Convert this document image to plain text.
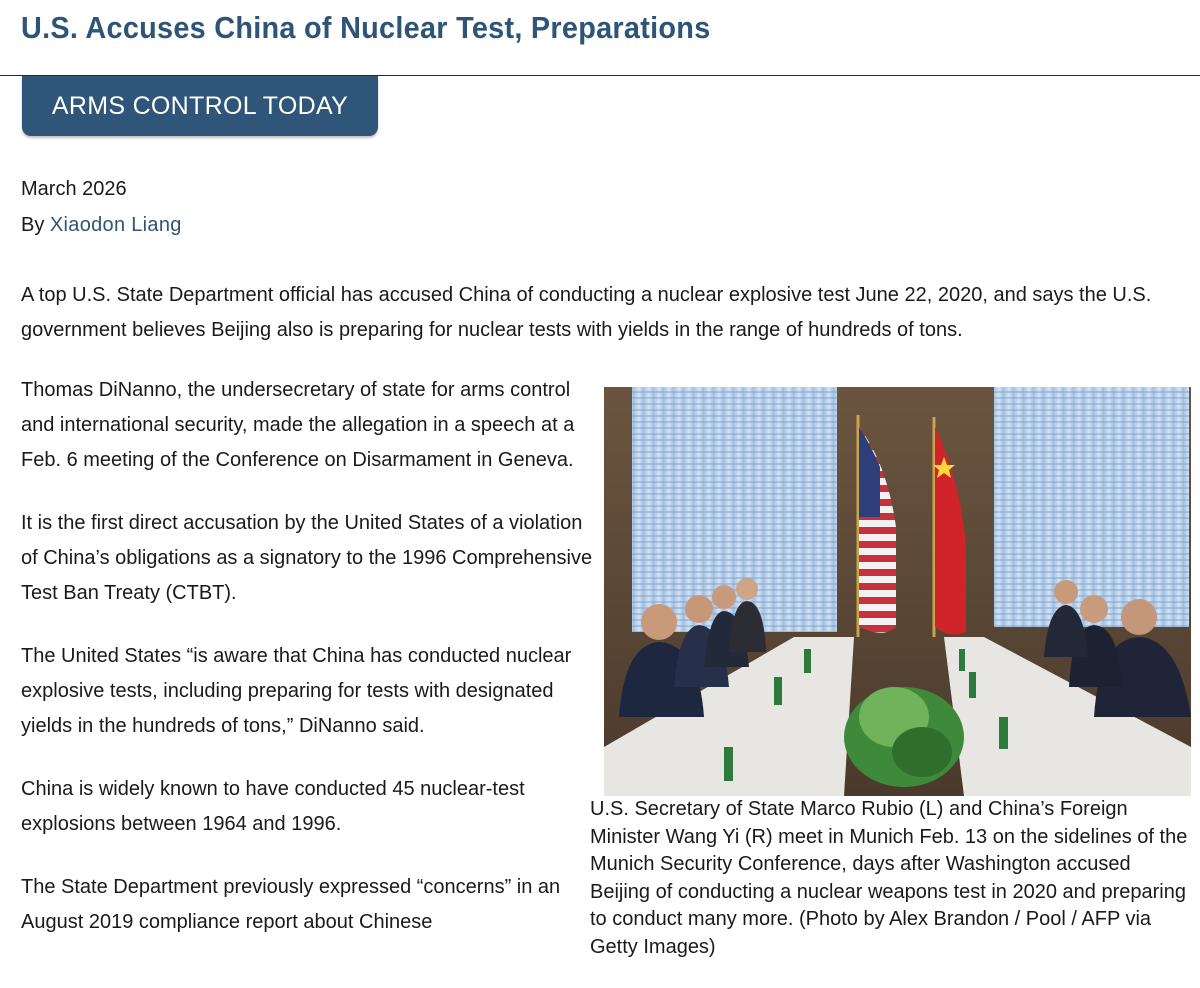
U.S. Accuses China of Nuclear Test, Preparations
ARMS CONTROL TODAY
March 2026
By Xiaodon Liang

A top U.S. State Department official has accused China of conducting a nuclear explosive test June 22, 2020, and says the U.S. government believes Beijing also is preparing for nuclear tests with yields in the range of hundreds of tons.

Thomas DiNanno, the undersecretary of state for arms control and international security, made the allegation in a speech at a Feb. 6 meeting of the Conference on Disarmament in Geneva.

It is the first direct accusation by the United States of a violation of China’s obligations as a signatory to the 1996 Comprehensive Test Ban Treaty (CTBT).

The United States “is aware that China has conducted nuclear explosive tests, including preparing for tests with designated yields in the hundreds of tons,” DiNanno said.

China is widely known to have conducted 45 nuclear-test explosions between 1964 and 1996.

The State Department previously expressed “concerns” in an August 2019 compliance report about Chinese

U.S. Secretary of State Marco Rubio (L) and China’s Foreign Minister Wang Yi (R) meet in Munich Feb. 13 on the sidelines of the Munich Security Conference, days after Washington accused Beijing of conducting a nuclear weapons test in 2020 and preparing to conduct many more. (Photo by Alex Brandon / Pool / AFP via Getty Images)
